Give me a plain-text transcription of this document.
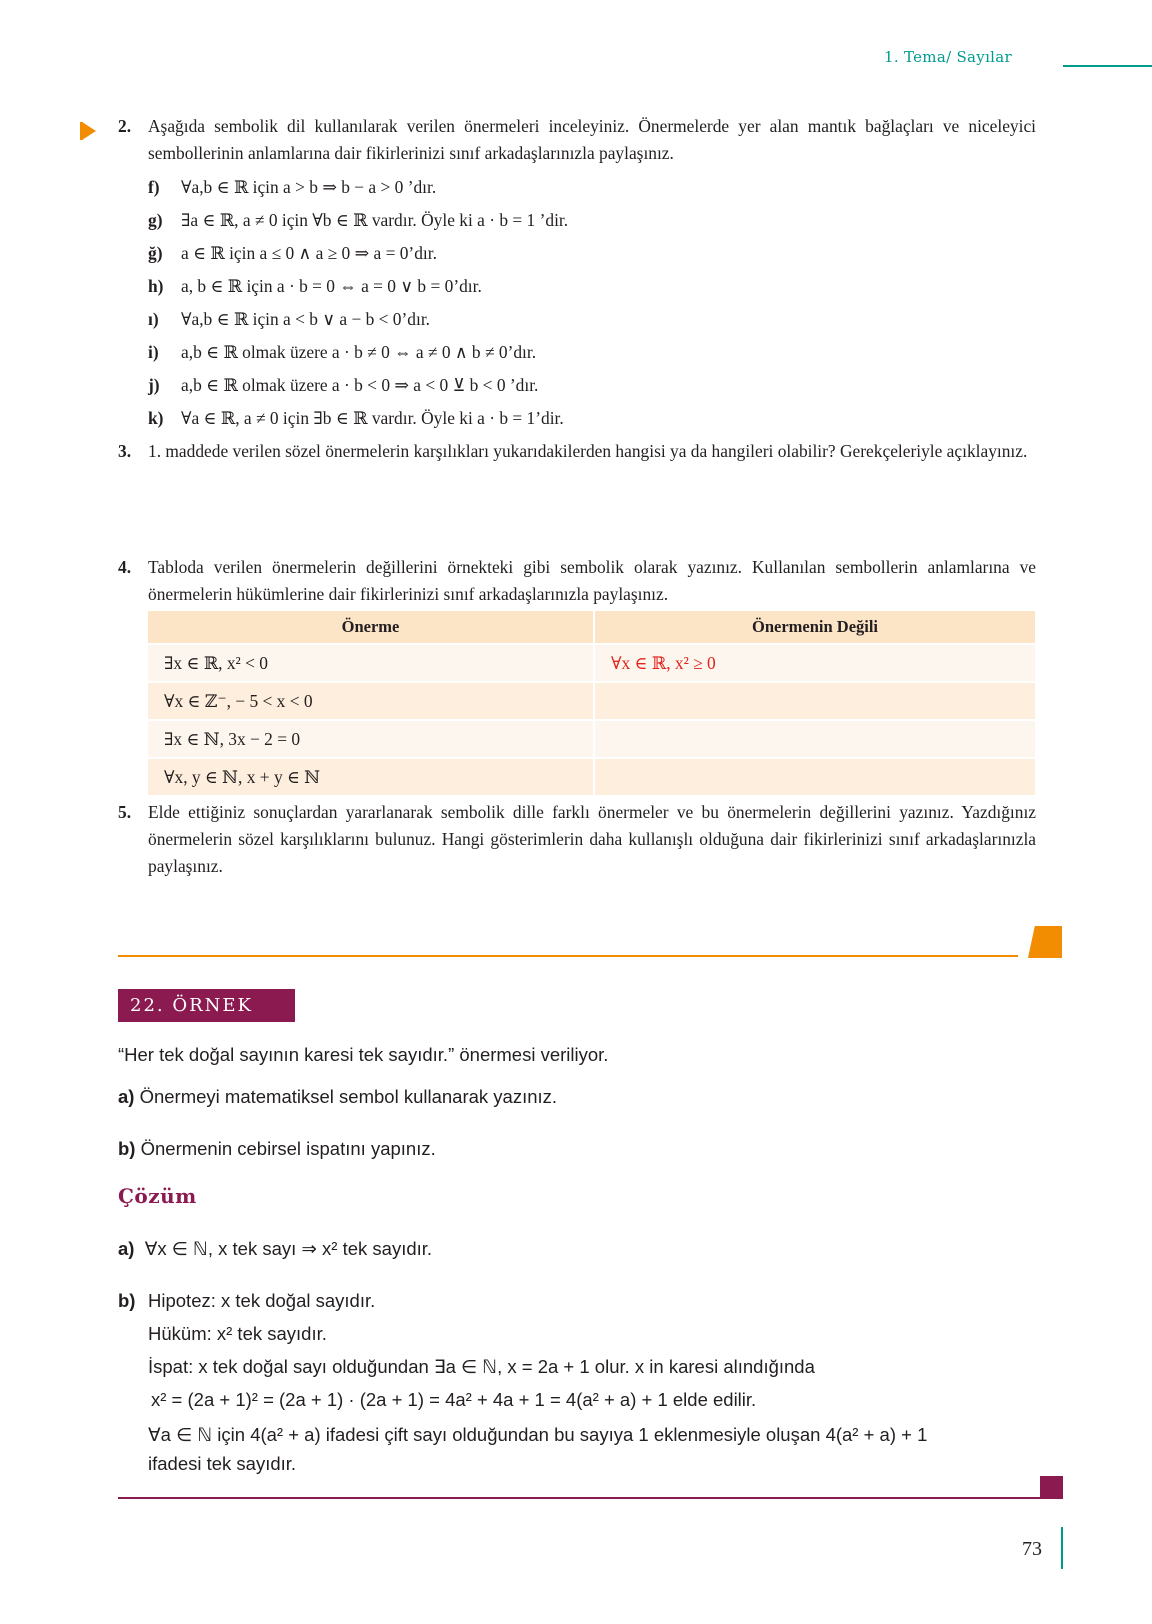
1. Tema/ Sayılar
2. Aşağıda sembolik dil kullanılarak verilen önermeleri inceleyiniz. Önermelerde yer alan mantık bağlaçları ve niceleyici sembollerinin anlamlarına dair fikirlerinizi sınıf arkadaşlarınızla paylaşınız.
f) ∀a,b ∈ ℝ için a > b ⇒ b − a > 0 ’dır.
g) ∃a ∈ ℝ, a ≠ 0 için ∀b ∈ ℝ vardır. Öyle ki a · b = 1 ’dir.
ğ) a ∈ ℝ için a ≤ 0 ∧ a ≥ 0 ⇒ a = 0’dır.
h) a, b ∈ ℝ için a · b = 0 ⇔ a = 0 ∨ b = 0’dır.
ı) ∀a,b ∈ ℝ için a < b ∨ a − b < 0’dır.
i) a,b ∈ ℝ olmak üzere a · b ≠ 0 ⇔ a ≠ 0 ∧ b ≠ 0’dır.
j) a,b ∈ ℝ olmak üzere a · b < 0 ⇒ a < 0 ⊻ b < 0 ’dır.
k) ∀a ∈ ℝ, a ≠ 0 için ∃b ∈ ℝ vardır. Öyle ki a · b = 1’dir.
3. 1. maddede verilen sözel önermelerin karşılıkları yukarıdakilerden hangisi ya da hangileri olabilir? Gerekçeleriyle açıklayınız.
4. Tabloda verilen önermelerin değillerini örnekteki gibi sembolik olarak yazınız. Kullanılan sembollerin anlamlarına ve önermelerin hükümlerine dair fikirlerinizi sınıf arkadaşlarınızla paylaşınız.
Önerme	Önermenin Değili
∃x ∈ ℝ, x² < 0	∀x ∈ ℝ, x² ≥ 0
∀x ∈ ℤ⁻, − 5 < x < 0	
∃x ∈ ℕ, 3x − 2 = 0	
∀x, y ∈ ℕ, x + y ∈ ℕ	
5. Elde ettiğiniz sonuçlardan yararlanarak sembolik dille farklı önermeler ve bu önermelerin değillerini yazınız. Yazdığınız önermelerin sözel karşılıklarını bulunuz. Hangi gösterimlerin daha kullanışlı olduğuna dair fikirlerinizi sınıf arkadaşlarınızla paylaşınız.
22. ÖRNEK
“Her tek doğal sayının karesi tek sayıdır.” önermesi veriliyor.
a) Önermeyi matematiksel sembol kullanarak yazınız.
b) Önermenin cebirsel ispatını yapınız.
Çözüm
a) ∀x ∈ ℕ, x tek sayı ⇒ x² tek sayıdır.
b) Hipotez: x tek doğal sayıdır.
Hüküm: x² tek sayıdır.
İspat: x tek doğal sayı olduğundan ∃a ∈ ℕ, x = 2a + 1 olur. x in karesi alındığında
x² = (2a + 1)² = (2a + 1) · (2a + 1) = 4a² + 4a + 1 = 4(a² + a) + 1 elde edilir.
∀a ∈ ℕ için 4(a² + a) ifadesi çift sayı olduğundan bu sayıya 1 eklenmesiyle oluşan 4(a² + a) + 1
ifadesi tek sayıdır.
73
